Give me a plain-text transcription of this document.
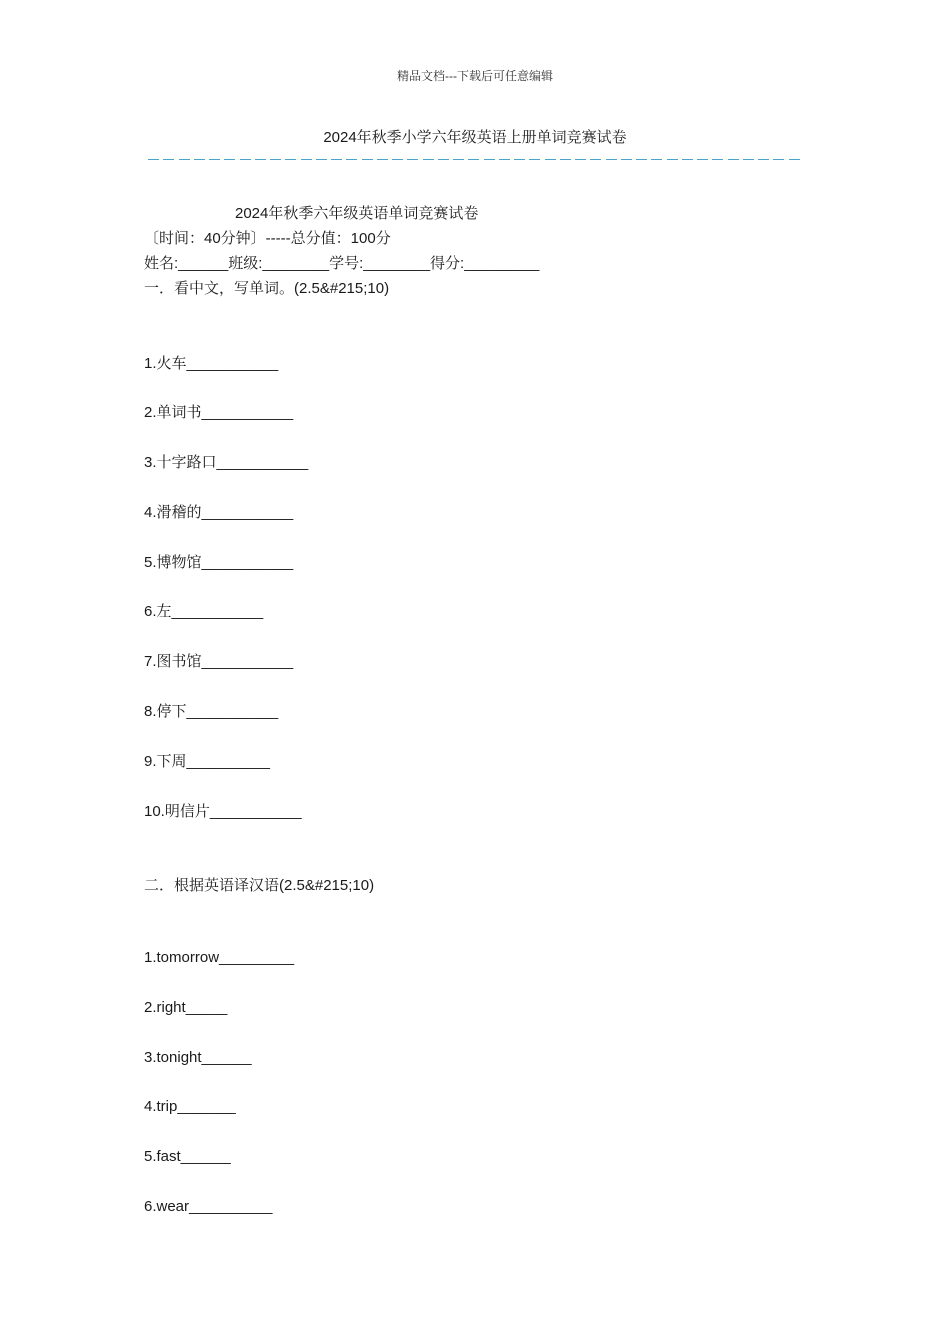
精品文档---下载后可任意编辑
2024年秋季小学六年级英语上册单词竞赛试卷
2024年秋季六年级英语单词竞赛试卷
〔时间：40分钟〕-----总分值：100分
姓名:______班级:________学号:________得分:_________
一．看中文，写单词。(2.5&#215;10)
1.火车___________
2.单词书___________
3.十字路口___________
4.滑稽的___________
5.博物馆___________
6.左___________
7.图书馆___________
8.停下___________
9.下周__________
10.明信片___________
二．根据英语译汉语(2.5&#215;10)
1.tomorrow_________
2.right_____
3.tonight______
4.trip_______
5.fast______
6.wear__________
